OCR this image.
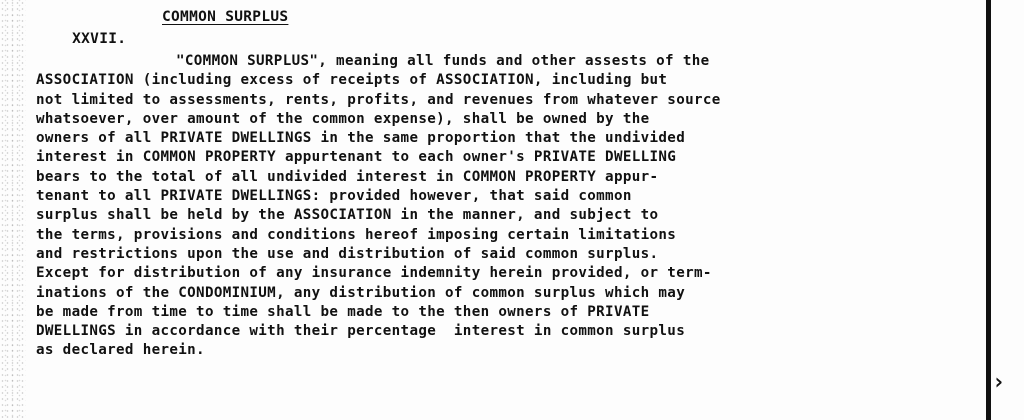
XXVII.

COMMON SURPLUS

"COMMON SURPLUS", meaning all funds and other assests of the
ASSOCIATION (including excess of receipts of ASSOCIATION, including but
not limited to assessments, rents, profits, and revenues from whatever source
whatsoever, over amount of the common expense), shall be owned by the
owners of all PRIVATE DWELLINGS in the same proportion that the undivided
interest in COMMON PROPERTY appurtenant to each owner's PRIVATE DWELLING
bears to the total of all undivided interest in COMMON PROPERTY appur-
tenant to all PRIVATE DWELLINGS: provided however, that said common
surplus shall be held by the ASSOCIATION in the manner, and subject to
the terms, provisions and conditions hereof imposing certain limitations
and restrictions upon the use and distribution of said common surplus.
Except for distribution of any insurance indemnity herein provided, or term-
inations of the CONDOMINIUM, any distribution of common surplus which may
be made from time to time shall be made to the then owners of PRIVATE
DWELLINGS in accordance with their percentage  interest in common surplus
as declared herein.
›
